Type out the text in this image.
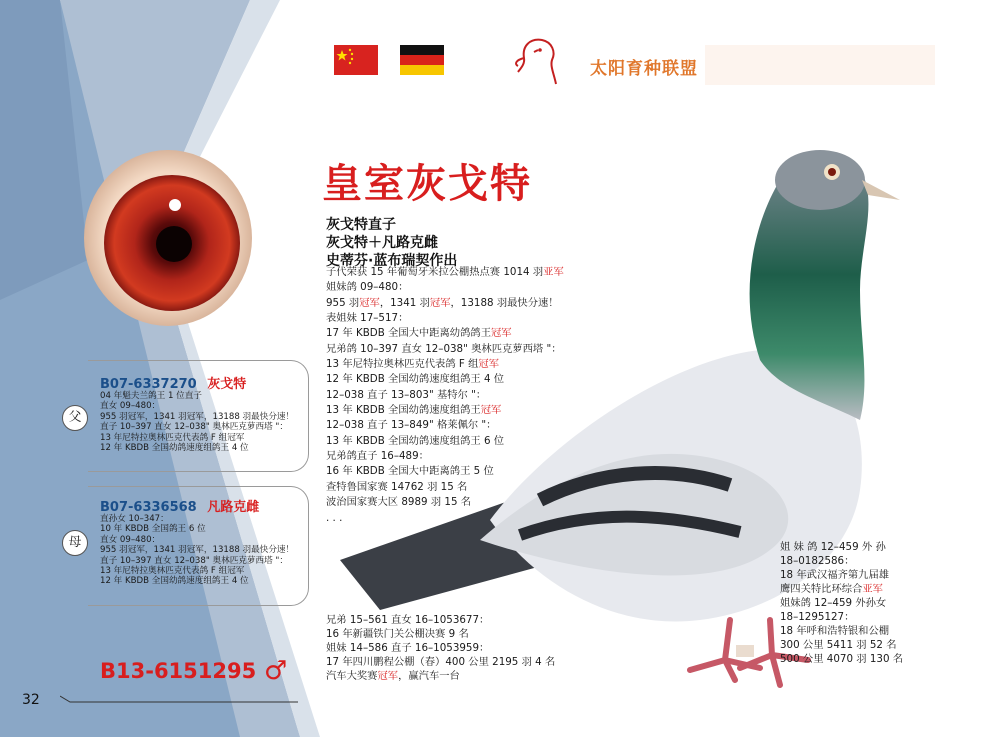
太阳育种联盟
皇室灰戈特
灰戈特直子
灰戈特＋凡路克雌
史蒂芬·蓝布瑞契作出
子代荣获 15 年葡萄牙米拉公棚热点赛 1014 羽亚军
姐妹鸽 09–480：
955 羽冠军，1341 羽冠军，13188 羽最快分速！
表姐妹 17–517：
17 年 KBDB 全国大中距离幼鸽鸽王冠军
兄弟鸽 10–397 直女 12–038" 奥林匹克萝西塔 "：
13 年尼特拉奥林匹克代表鸽 F 组冠军
12 年 KBDB 全国幼鸽速度组鸽王 4 位
12–038 直子 13–803" 基特尔 "：
13 年 KBDB 全国幼鸽速度组鸽王冠军
12–038 直子 13–849" 格莱佩尔 "：
13 年 KBDB 全国幼鸽速度组鸽王 6 位
兄弟鸽直子 16–489：
16 年 KBDB 全国大中距离鸽王 5 位
查特鲁国家赛 14762 羽 15 名
波治国家赛大区 8989 羽 15 名
. . .
父
B07-6337270 灰戈特
04 年魁夫兰鸽王 1 位直子
直女 09–480：
955 羽冠军，1341 羽冠军，13188 羽最快分速！
直子 10–397 直女 12–038" 奥林匹克萝西塔 "：
13 年尼特拉奥林匹克代表鸽 F 组冠军
12 年 KBDB 全国幼鸽速度组鸽王 4 位
母
B07-6336568 凡路克雌
直孙女 10–347：
10 年 KBDB 全国鸽王 6 位
直女 09–480：
955 羽冠军，1341 羽冠军，13188 羽最快分速！
直子 10–397 直女 12–038" 奥林匹克萝西塔 "：
13 年尼特拉奥林匹克代表鸽 F 组冠军
12 年 KBDB 全国幼鸽速度组鸽王 4 位
B13-6151295 ♂
兄弟 15–561 直女 16–1053677：
16 年新疆铁门关公棚决赛 9 名
姐妹 14–586 直子 16–1053959：
17 年四川鹏程公棚（春）400 公里 2195 羽 4 名
汽车大奖赛冠军，赢汽车一台
姐 妹 鸽 12–459 外 孙
18–0182586：
18 年武汉福齐第九届雄
鹰四关特比环综合亚军
姐妹鸽 12–459 外孙女
18–1295127：
18 年呼和浩特银和公棚
300 公里 5411 羽 52 名
500 公里 4070 羽 130 名
32
